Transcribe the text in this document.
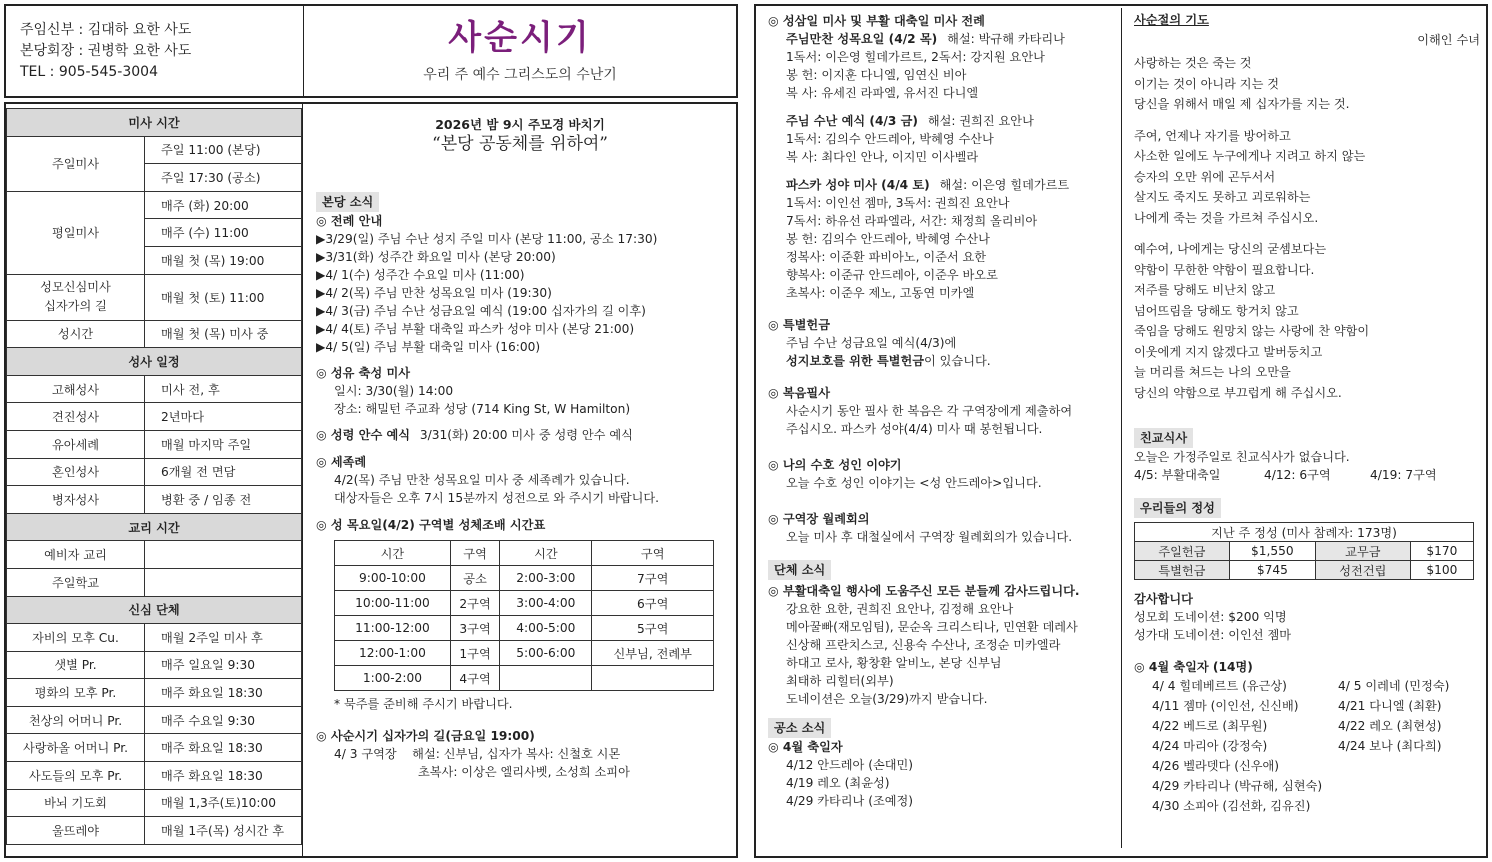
주임신부 : 김대하 요한 사도
본당회장 : 권병학 요한 사도
TEL : 905-545-3004
사순시기
우리 주 예수 그리스도의 수난기
미사 시간	

주일미사	주일 11:00 (본당)
	주일 17:30 (공소)

평일미사	매주 (화) 20:00
	매주 (수) 11:00
	매월 첫 (목) 19:00

성모신심미사
십자가의 길	매월 첫 (토) 11:00

성시간	매월 첫 (목) 미사 중
성사 일정	

고해성사	미사 전, 후

견진성사	2년마다

유아세례	매월 마지막 주일

혼인성사	6개월 전 면담

병자성사	병환 중 / 임종 전
교리 시간	

예비자 교리	

주일학교	

신심 단체	

자비의 모후 Cu.	매월 2주일 미사 후

샛별 Pr.	매주 일요일 9:30

평화의 모후 Pr.	매주 화요일 18:30

천상의 어머니 Pr.	매주 수요일 9:30

사랑하올 어머니 Pr.	매주 화요일 18:30

사도들의 모후 Pr.	매주 화요일 18:30

바뇌 기도회	매월 1,3주(토)10:00

울뜨레야	매월 1주(목) 성시간 후
2026년 밤 9시 주모경 바치기
“본당 공동체를 위하여”
본당 소식
◎ 전례 안내
▶3/29(일) 주님 수난 성지 주일 미사 (본당 11:00, 공소 17:30)
▶3/31(화) 성주간 화요일 미사 (본당 20:00)
▶4/ 1(수) 성주간 수요일 미사 (11:00)
▶4/ 2(목) 주님 만찬 성목요일 미사 (19:30)
▶4/ 3(금) 주님 수난 성금요일 예식 (19:00 십자가의 길 이후)
▶4/ 4(토) 주님 부활 대축일 파스카 성야 미사 (본당 21:00)
▶4/ 5(일) 주님 부활 대축일 미사 (16:00)
◎ 성유 축성 미사
일시: 3/30(월) 14:00
장소: 해밀턴 주교좌 성당 (714 King St, W Hamilton)
◎ 성령 안수 예식 3/31(화) 20:00 미사 중 성령 안수 예식
◎ 세족례
4/2(목) 주님 만찬 성목요일 미사 중 세족례가 있습니다.
대상자들은 오후 7시 15분까지 성전으로 와 주시기 바랍니다.
◎ 성 목요일(4/2) 구역별 성체조배 시간표
시간	구역	시간	구역
9:00-10:00	공소	2:00-3:00	7구역
10:00-11:00	2구역	3:00-4:00	6구역
11:00-12:00	3구역	4:00-5:00	5구역
12:00-1:00	1구역	5:00-6:00	신부님, 전례부
1:00-2:00	4구역		
* 묵주를 준비해 주시기 바랍니다.
◎ 사순시기 십자가의 길(금요일 19:00)
4/ 3 구역장    해설: 신부님, 십자가 복사: 신철호 시몬
초복사: 이상은 엘리사벳, 소성희 소피아
◎ 성삼일 미사 및 부활 대축일 미사 전례
주님만찬 성목요일 (4/2 목) 해설: 박규해 카타리나
1독서: 이은영 힐데가르트, 2독서: 강지원 요안나
봉 헌: 이지훈 다니엘, 임연신 비아
복 사: 유세진 라파엘, 유서진 다니엘
주님 수난 예식 (4/3 금) 해설: 권희진 요안나
1독서: 김의수 안드레아, 박혜영 수산나
복 사: 최다인 안나, 이지민 이사벨라
파스카 성야 미사 (4/4 토) 해설: 이은영 힐데가르트
1독서: 이인선 젬마, 3독서: 권희진 요안나
7독서: 하유선 라파엘라, 서간: 채정희 올리비아
봉 헌: 김의수 안드레아, 박혜영 수산나
정복사: 이준환 파비아노, 이준서 요한
향복사: 이준규 안드레아, 이준우 바오로
초복사: 이준우 제노, 고동연 미카엘
◎ 특별헌금
주님 수난 성금요일 예식(4/3)에
성지보호를 위한 특별헌금이 있습니다.
◎ 복음필사
사순시기 동안 필사 한 복음은 각 구역장에게 제출하여
주십시오. 파스카 성야(4/4) 미사 때 봉헌됩니다.
◎ 나의 수호 성인 이야기
오늘 수호 성인 이야기는 <성 안드레아>입니다.
◎ 구역장 월례회의
오늘 미사 후 대철실에서 구역장 월례회의가 있습니다.
단체 소식
◎ 부활대축일 행사에 도움주신 모든 분들께 감사드립니다.
강요한 요한, 권희진 요안나, 김정해 요안나
메아꿀빠(재모임팀), 문순옥 크리스티나, 민연환 데레사
신상해 프란치스코, 신용숙 수산나, 조정순 미카엘라
하대고 로사, 황창환 알비노, 본당 신부님
최태하 리힐터(외부)
도네이션은 오늘(3/29)까지 받습니다.
공소 소식
◎ 4월 축일자
4/12 안드레아 (손대민)
4/19 레오 (최윤성)
4/29 카타리나 (조예정)
사순절의 기도
이해인 수녀
사랑하는 것은 죽는 것
이기는 것이 아니라 지는 것
당신을 위해서 매일 제 십자가를 지는 것.
주여, 언제나 자기를 방어하고
사소한 일에도 누구에게나 지려고 하지 않는
승자의 오만 위에 곤두서서
살지도 죽지도 못하고 괴로워하는
나에게 죽는 것을 가르쳐 주십시오.
예수여, 나에게는 당신의 굳셈보다는
약함이 무한한 약함이 필요합니다.
저주를 당해도 비난치 않고
넘어뜨림을 당해도 항거치 않고
죽임을 당해도 원망치 않는 사랑에 찬 약함이
이웃에게 지지 않겠다고 발버둥치고
늘 머리를 쳐드는 나의 오만을
당신의 약함으로 부끄럽게 해 주십시오.
친교식사
오늘은 가정주일로 친교식사가 없습니다.
4/5: 부활대축일	4/12: 6구역	4/19: 7구역
우리들의 정성
지난 주 정성 (미사 참례자: 173명)			
주일헌금	$1,550	교무금	$170
특별헌금	$745	성전건립	$100
감사합니다
성모회 도네이션: $200 익명
성가대 도네이션: 이인선 젬마
◎ 4월 축일자 (14명)
4/ 4 힐데베르트 (유근상)	4/ 5 이레네 (민정숙)
4/11 젬마 (이인선, 신신배)	4/21 다니엘 (최환)
4/22 베드로 (최무원)	4/22 레오 (최현성)
4/24 마리아 (강정숙)	4/24 보나 (최다희)
4/26 벨라뎃다 (신우애)
4/29 카타리나 (박규해, 심현숙)
4/30 소피아 (김선화, 김유진)
